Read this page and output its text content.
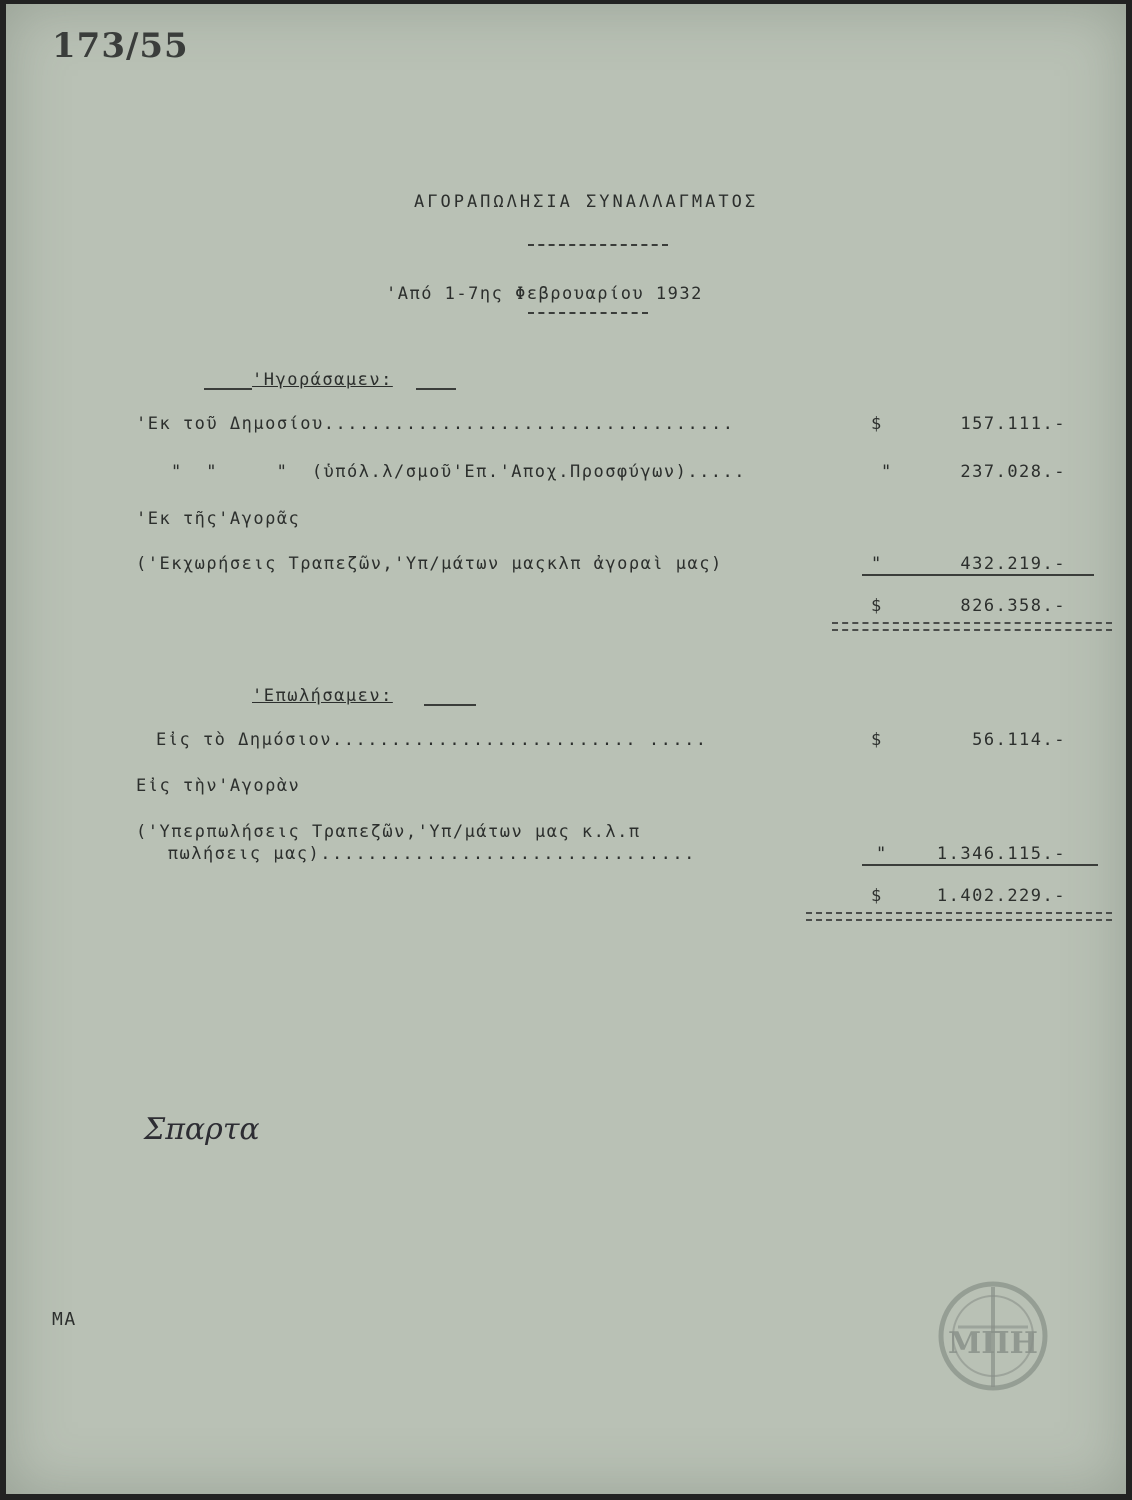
173/55
ΑΓΟΡΑΠΩΛΗΣΙΑ ΣΥΝΑΛΛΑΓΜΑΤΟΣ
'Από 1-7ης Φεβρουαρίου 1932
'Ηγοράσαμεν:
'Εκ τοῦ Δημοσίου...................................	$	157.111.-
"  "     "  (ὑπόλ.λ/σμοῦ'Επ.'Αποχ.Προσφύγων).....	"	237.028.-
'Εκ τῆς'Αγορᾶς
('Εκχωρήσεις Τραπεζῶν,'Υπ/μάτων μαςκλπ ἀγοραὶ μας)	"	432.219.-
$	826.358.-
'Επωλήσαμεν:
Εἰς τὸ Δημόσιον.......................... .....	$	56.114.-
Εἰς τὴν'Αγορὰν
('Υπερπωλήσεις Τραπεζῶν,'Υπ/μάτων μας κ.λ.π
πωλήσεις μας)................................	"	1.346.115.-
$	1.402.229.-
Σπαρτα
ΜΑ
ΜΠΗ
